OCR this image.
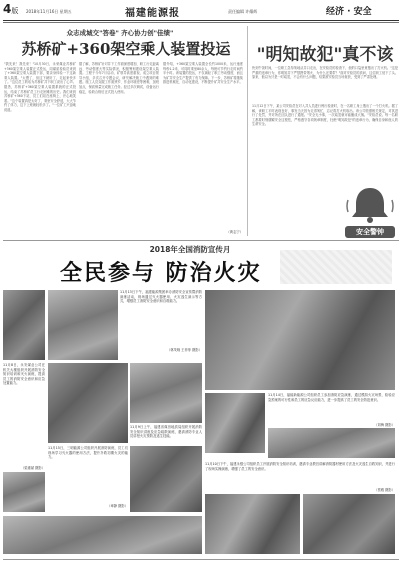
4版 2018年11月16日 星期五	福建能源报	责任编辑 许耀辉	经济 · 安全
众志成城交"答卷" 齐心协力创"佳绩"
苏桥矿+360架空乘人装置投运
"我先来！我先来！"10月30日，永荣煤业苏桥矿+360架空乘人装置正式投运，同煤质检验员来到了+360架空乘人装置下部，要亲身体验一下这新乘人装置。"太慢了，但这下就好了，走起来快多了。"这位员工的话为苏桥矿井下职工说出了心声。据悉，苏桥矿+360架空乘人装置系统的正式投运，结束了苏桥矿员工行走困难的历史。我们来到苏桥矿+360下站，员工们站在座椅上，开心地笑着。"这个装置真是太好了，乘坐安全舒适，大大节约了体力，这下上班就轻松多了。"一位矿工兴奋地说道。
据了解，苏桥矿针对井下工作面深度增加、职工行走距离远、劳动强度大等实际情况，积极筹划建设架空乘人装置。工程于今年7月启动，矿领导高度重视，成立项目领导小组，多次召开专题会议，研究解决施工中遇到的难题。施工人员克服工作面狭窄、作业环境差等困难，加班加点，保质保量完成施工任务。经过多次调试，设备运行稳定，验收合格后正式投入使用。
据介绍，+360架空乘人装置全长约1000米，运行速度每秒1.2米，可同时乘坐80余人，每班可节约行走时间约半小时。该装置的投运，不仅减轻了职工劳动强度，而且为矿井安全生产提供了有力保障。下一步，苏桥矿将继续推进机械化、自动化建设，不断提升矿井安全生产水平。
（黄志宁）
"明知故犯"真不该
快到午饭时间，一位职工急匆匆地从井口走出，在安检员的检查下，他的口袋里竟搜出了打火机。"这是严重的违章行为，你明知井下严禁携带烟火，为什么还要带？"面对安检员的质问，这位职工低下了头。原来，他以为只是一时疏忽，不会有什么问题，结果被安检员当场查获，受到了严肃处理。
11月12日下午，某公司安检员在对入井人员进行例行检查时，在一名职工身上搜出了一个打火机。据了解，该职工平时表现良好，事发当天因为走得匆忙，忘记将打火机取出。该公司依照相关规定，对其进行了处罚，并对所在区队进行了通报。"安全无小事，一次疏忽就可能酿成大祸。"安检员说。每一名职工都要时刻绷紧安全这根弦，严格遵守各项规章制度，杜绝"明知故犯"的违章行为，确保自身和他人的生命安全。
安全警钟
2018年全国消防宣传月
全民参与 防治火灾
11月13日下午，福建能源集团举办消防安全宣传暨消防演练活动，现场通过灭火器使用、火灾逃生演示等方式，增强员工消防安全意识和自救能力。
（林茂娥 王菲菲 摄影）
11月8日，永安煤业公司在机关大楼组织开展消防安全知识培训和灭火演练，提高员工的消防安全意识和应急处置能力。
（梁惠斌 摄影）
11月9日上午，福建省煤田地质局组织开展消防安全知识讲座及应急疏散演练，邀请消防专业人员讲授火灾预防及逃生技能。
11月14日，福能新能源公司组织员工参加消防应急演练，通过模拟火灾场景，检验应急预案的可行性和员工的应急反应能力，进一步提高了员工的安全防范意识。
（刘梅 摄影）
11月15日，三明能源公司组织开展消防演练，员工们现场学习灭火器的使用方法，提升扑救初期火灾的能力。
（章静 摄影）
11月10日下午，福建永强公司组织员工开展消防安全知识培训，邀请专业教官讲解消防器材使用方法及火灾逃生自救知识，并进行了现场实操演练，增强了员工的安全意识。
（蔡雅 摄影）
